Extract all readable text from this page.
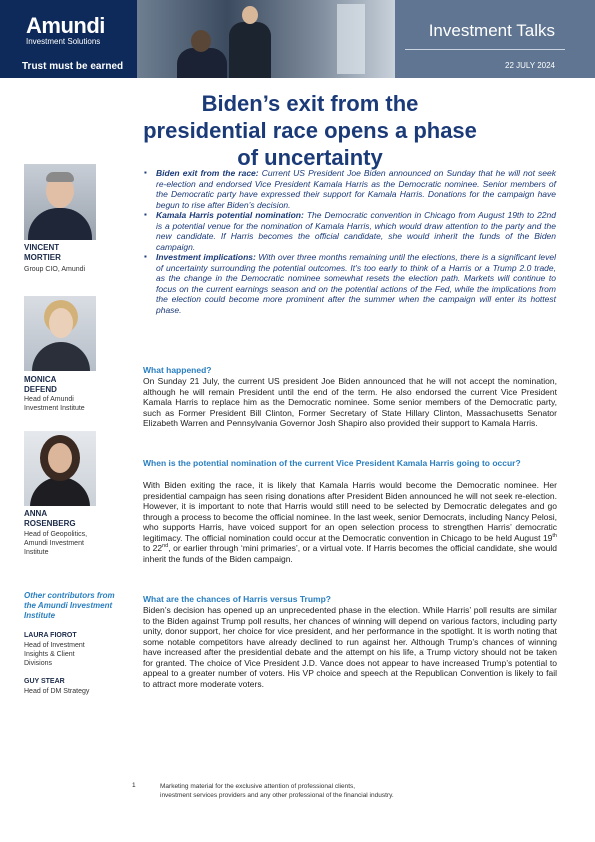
Amundi
Investment Solutions
Trust must be earned
Investment Talks
22 JULY 2024
Biden’s exit from the presidential race opens a phase of uncertainty
VINCENT
MORTIER
Group CIO, Amundi
MONICA
DEFEND
Head of Amundi
Investment Institute
ANNA
ROSENBERG
Head of Geopolitics,
Amundi Investment
Institute
Other contributors from the Amundi Investment Institute
LAURA FIOROT
Head of Investment
Insights & Client
Divisions
GUY STEAR
Head of DM Strategy
▪ Biden exit from the race: Current US President Joe Biden announced on Sunday that he will not seek re-election and endorsed Vice President Kamala Harris as the Democratic nominee. Senior members of the Democratic party have expressed their support for Kamala Harris. Donations for the campaign have begun to rise after Biden’s decision.
▪ Kamala Harris potential nomination: The Democratic convention in Chicago from August 19th to 22nd is a potential venue for the nomination of Kamala Harris, which would draw attention to the party and the new candidate. If Harris becomes the official candidate, she would inherit the funds of the Biden campaign.
▪ Investment implications: With over three months remaining until the elections, there is a significant level of uncertainty surrounding the potential outcomes. It’s too early to think of a Harris or a Trump 2.0 trade, as the change in the Democratic nominee somewhat resets the election path. Markets will continue to focus on the current earnings season and on the potential actions of the Fed, while the implications from the election could become more prominent after the summer when the campaign will enter its hottest phase.
What happened?

On Sunday 21 July, the current US president Joe Biden announced that he will not accept the nomination, although he will remain President until the end of the term. He also endorsed the current Vice President Kamala Harris to replace him as the Democratic nominee. Some senior members of the Democratic party, such as Former President Bill Clinton, Former Secretary of State Hillary Clinton, Massachusetts Senator Elizabeth Warren and Pennsylvania Governor Josh Shapiro also provided their support to Kamala Harris.

When is the potential nomination of the current Vice President Kamala Harris going to occur?

With Biden exiting the race, it is likely that Kamala Harris would become the Democratic nominee. Her presidential campaign has seen rising donations after President Biden announced he will not seek re-election. However, it is important to note that Harris would still need to be selected by Democratic delegates and go through a process to become the official nominee. In the last week, senior Democrats, including Nancy Pelosi, who supports Harris, have voiced support for an open selection process to strengthen Harris’ democratic legitimacy. The official nomination could occur at the Democratic convention in Chicago to be held August 19th to 22nd, or earlier through ‘mini primaries’, or a virtual vote. If Harris becomes the official candidate, she would inherit the funds of the Biden campaign.

What are the chances of Harris versus Trump?

Biden’s decision has opened up an unprecedented phase in the election. While Harris’ poll results are similar to the Biden against Trump poll results, her chances of winning will depend on various factors, including party unity, donor support, her choice for vice president, and her performance in the spotlight. It is worth noting that some notable competitors have already declined to run against her. Although Trump’s chances of winning have increased after the presidential debate and the attempt on his life, a Trump victory should not be taken for granted. The choice of Vice President J.D. Vance does not appear to have increased Trump’s potential to appeal to a greater number of voters. His VP choice and speech at the Republican Convention is likely to fail to attract more moderate voters.

1	Marketing material for the exclusive attention of professional clients,
investment services providers and any other professional of the financial industry.
